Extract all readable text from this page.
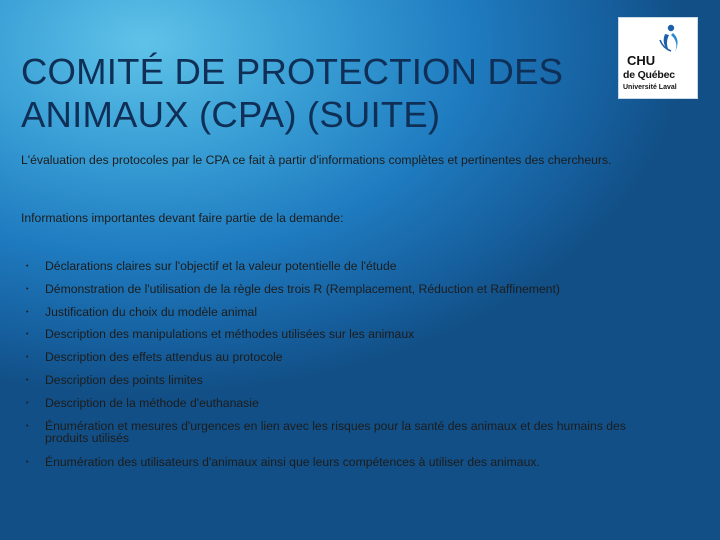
COMITÉ DE PROTECTION DES ANIMAUX (CPA) (SUITE)
CHU
de Québec
Université Laval

L'évaluation des protocoles par le CPA ce fait à partir d'informations complètes et pertinentes des chercheurs.

Informations importantes devant faire partie de la demande:

• Déclarations claires sur l'objectif et la valeur potentielle de l'étude
• Démonstration de l'utilisation de la règle des trois R (Remplacement, Réduction et Raffinement)
• Justification du choix du modèle animal
• Description des manipulations et méthodes utilisées sur les animaux
• Description des effets attendus au protocole
• Description des points limites
• Description de la méthode d'euthanasie
• Énumération et mesures d'urgences en lien avec les risques pour la santé des animaux et des humains des produits utilisés
• Énumération des utilisateurs d'animaux ainsi que leurs compétences à utiliser des animaux.
